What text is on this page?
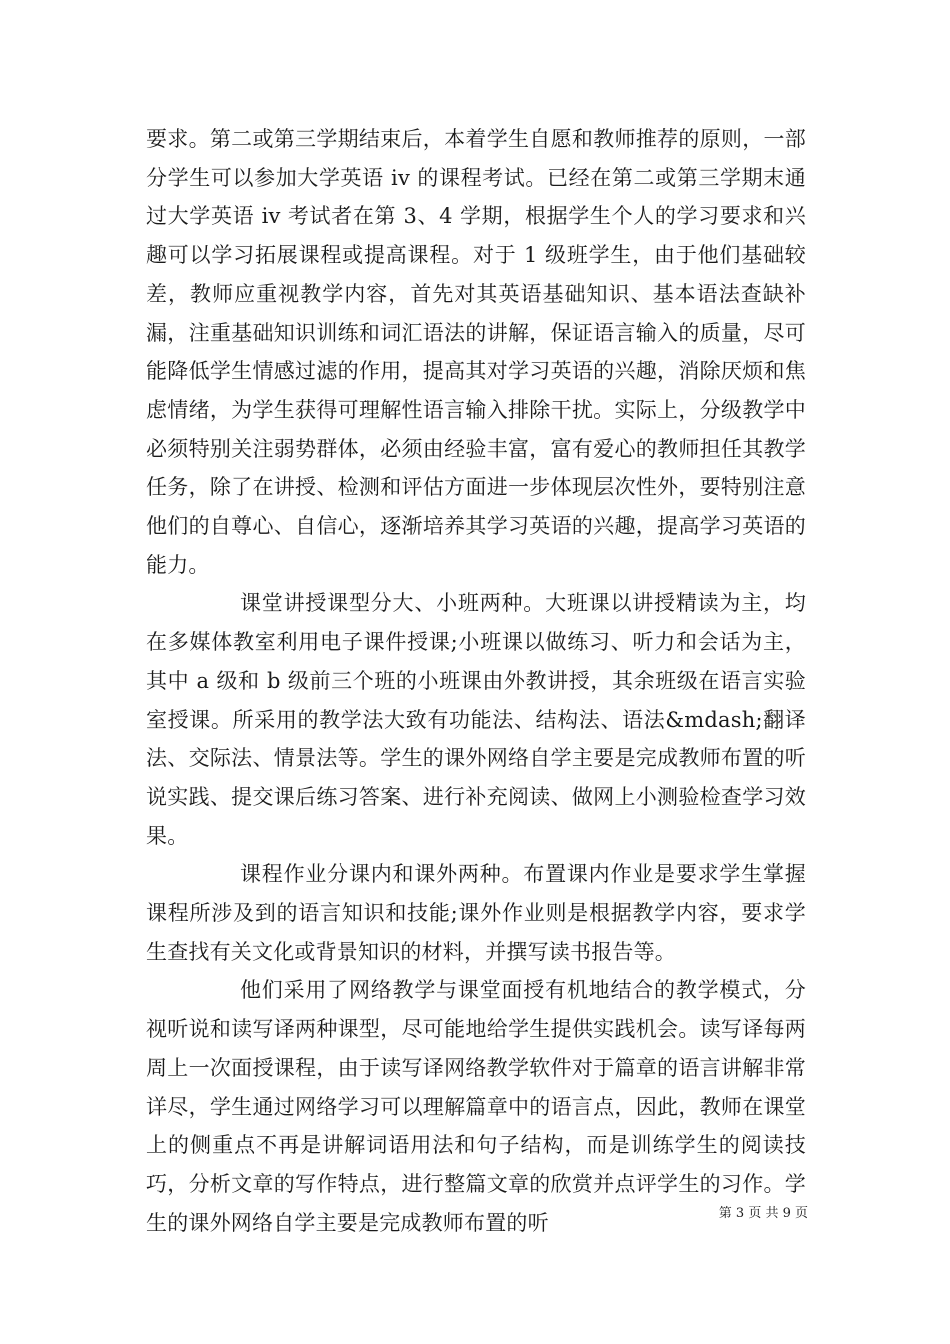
要求。第二或第三学期结束后，本着学生自愿和教师推荐的原则，一部分学生可以参加大学英语 iv 的课程考试。已经在第二或第三学期末通过大学英语 iv 考试者在第 3、4 学期，根据学生个人的学习要求和兴趣可以学习拓展课程或提高课程。对于 1 级班学生，由于他们基础较差，教师应重视教学内容，首先对其英语基础知识、基本语法查缺补漏，注重基础知识训练和词汇语法的讲解，保证语言输入的质量，尽可能降低学生情感过滤的作用，提高其对学习英语的兴趣，消除厌烦和焦虑情绪，为学生获得可理解性语言输入排除干扰。实际上，分级教学中必须特别关注弱势群体，必须由经验丰富，富有爱心的教师担任其教学任务，除了在讲授、检测和评估方面进一步体现层次性外，要特别注意他们的自尊心、自信心，逐渐培养其学习英语的兴趣，提高学习英语的能力。

课堂讲授课型分大、小班两种。大班课以讲授精读为主，均在多媒体教室利用电子课件授课;小班课以做练习、听力和会话为主，其中 a 级和 b 级前三个班的小班课由外教讲授，其余班级在语言实验室授课。所采用的教学法大致有功能法、结构法、语法&mdash;翻译法、交际法、情景法等。学生的课外网络自学主要是完成教师布置的听说实践、提交课后练习答案、进行补充阅读、做网上小测验检查学习效果。

课程作业分课内和课外两种。布置课内作业是要求学生掌握课程所涉及到的语言知识和技能;课外作业则是根据教学内容，要求学生查找有关文化或背景知识的材料，并撰写读书报告等。

他们采用了网络教学与课堂面授有机地结合的教学模式，分视听说和读写译两种课型，尽可能地给学生提供实践机会。读写译每两周上一次面授课程，由于读写译网络教学软件对于篇章的语言讲解非常详尽，学生通过网络学习可以理解篇章中的语言点，因此，教师在课堂上的侧重点不再是讲解词语用法和句子结构，而是训练学生的阅读技巧，分析文章的写作特点，进行整篇文章的欣赏并点评学生的习作。学生的课外网络自学主要是完成教师布置的听	第 3 页 共 9 页
